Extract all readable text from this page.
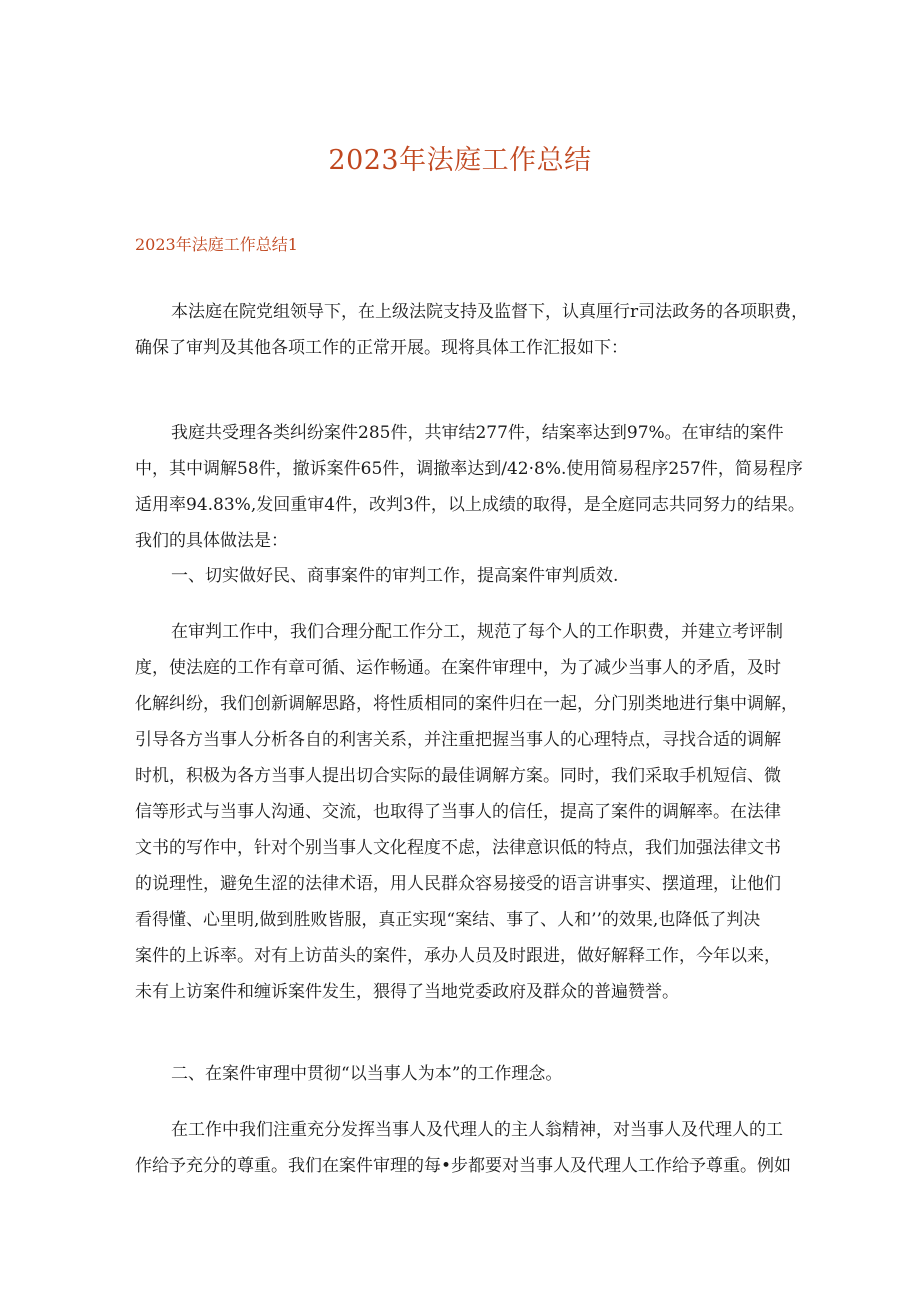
2023年法庭工作总结
2023年法庭工作总结1
本法庭在院党组领导下，在上级法院支持及监督下，认真厘行r司法政务的各项职费，
确保了审判及其他各项工作的正常开展。现将具体工作汇报如下：
我庭共受理各类纠纷案件285件，共审结277件，结案率达到97%。在审结的案件
中，其中调解58件，撤诉案件65件，调撤率达到/42·8%.使用简易程序257件，简易程序
适用率94.83%,发回重审4件，改判3件，以上成绩的取得，是全庭同志共同努力的结果。
我们的具体做法是：
一、切实做好民、商事案件的审判工作，提高案件审判质效.
在审判工作中，我们合理分配工作分工，规范了每个人的工作职费，并建立考评制
度，使法庭的工作有章可循、运作畅通。在案件审理中，为了减少当事人的矛盾，及时
化解纠纷，我们创新调解思路，将性质相同的案件归在一起，分门别类地进行集中调解，
引导各方当事人分析各自的利害关系，并注重把握当事人的心理特点，寻找合适的调解
时机，积极为各方当事人提出切合实际的最佳调解方案。同时，我们采取手机短信、微
信等形式与当事人沟通、交流，也取得了当事人的信任，提高了案件的调解率。在法律
文书的写作中，针对个别当事人文化程度不虑，法律意识低的特点，我们加强法律文书
的说理性，避免生涩的法律术语，用人民群众容易接受的语言讲事实、摆道理，让他们
看得懂、心里明,做到胜败皆服，真正实现“案结、事了、人和’’的效果,也降低了判决
案件的上诉率。对有上访苗头的案件，承办人员及时跟进，做好解释工作，今年以来，
未有上访案件和缠诉案件发生，猥得了当地党委政府及群众的普遍赞誉。
二、在案件审理中贯彻“以当事人为本”的工作理念。
在工作中我们注重充分发挥当事人及代理人的主人翁精神，对当事人及代理人的工
作给予充分的尊重。我们在案件审理的每•步都要对当事人及代理人工作给予尊重。例如
